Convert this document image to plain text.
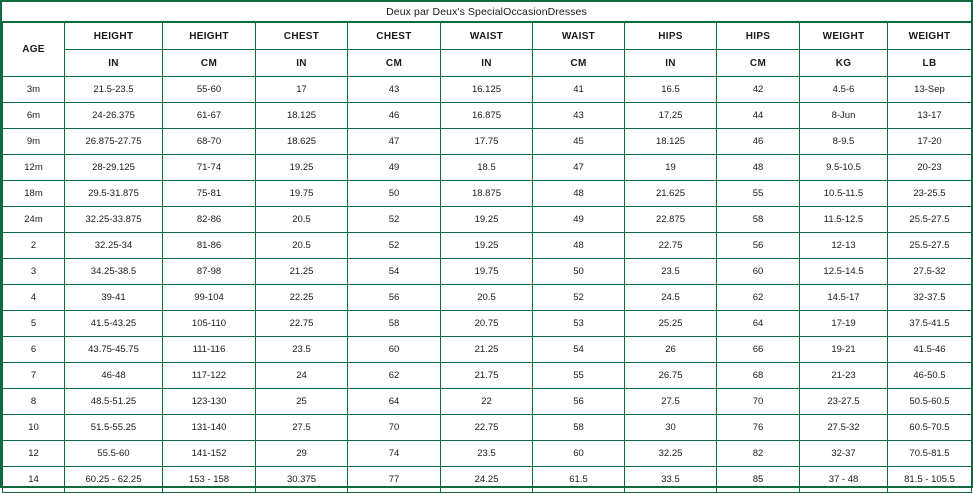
Deux par Deux's SpecialOccasionDresses
AGE	HEIGHT	HEIGHT	CHEST	CHEST	WAIST	WAIST	HIPS	HIPS	WEIGHT	WEIGHT
	IN	CM	IN	CM	IN	CM	IN	CM	KG	LB
3m	21.5-23.5	55-60	17	43	16.125	41	16.5	42	4.5-6	13-Sep
6m	24-26.375	61-67	18.125	46	16.875	43	17.25	44	8-Jun	13-17
9m	26.875-27.75	68-70	18.625	47	17.75	45	18.125	46	8-9.5	17-20
12m	28-29.125	71-74	19.25	49	18.5	47	19	48	9.5-10.5	20-23
18m	29.5-31.875	75-81	19.75	50	18.875	48	21.625	55	10.5-11.5	23-25.5
24m	32.25-33.875	82-86	20.5	52	19.25	49	22.875	58	11.5-12.5	25.5-27.5
2	32.25-34	81-86	20.5	52	19.25	48	22.75	56	12-13	25.5-27.5
3	34.25-38.5	87-98	21.25	54	19.75	50	23.5	60	12.5-14.5	27.5-32
4	39-41	99-104	22.25	56	20.5	52	24.5	62	14.5-17	32-37.5
5	41.5-43.25	105-110	22.75	58	20.75	53	25.25	64	17-19	37.5-41.5
6	43.75-45.75	111-116	23.5	60	21.25	54	26	66	19-21	41.5-46
7	46-48	117-122	24	62	21.75	55	26.75	68	21-23	46-50.5
8	48.5-51.25	123-130	25	64	22	56	27.5	70	23-27.5	50.5-60.5
10	51.5-55.25	131-140	27.5	70	22.75	58	30	76	27.5-32	60.5-70.5
12	55.5-60	141-152	29	74	23.5	60	32.25	82	32-37	70.5-81.5
14	60.25 - 62.25	153 - 158	30.375	77	24.25	61.5	33.5	85	37 - 48	81.5 - 105.5
